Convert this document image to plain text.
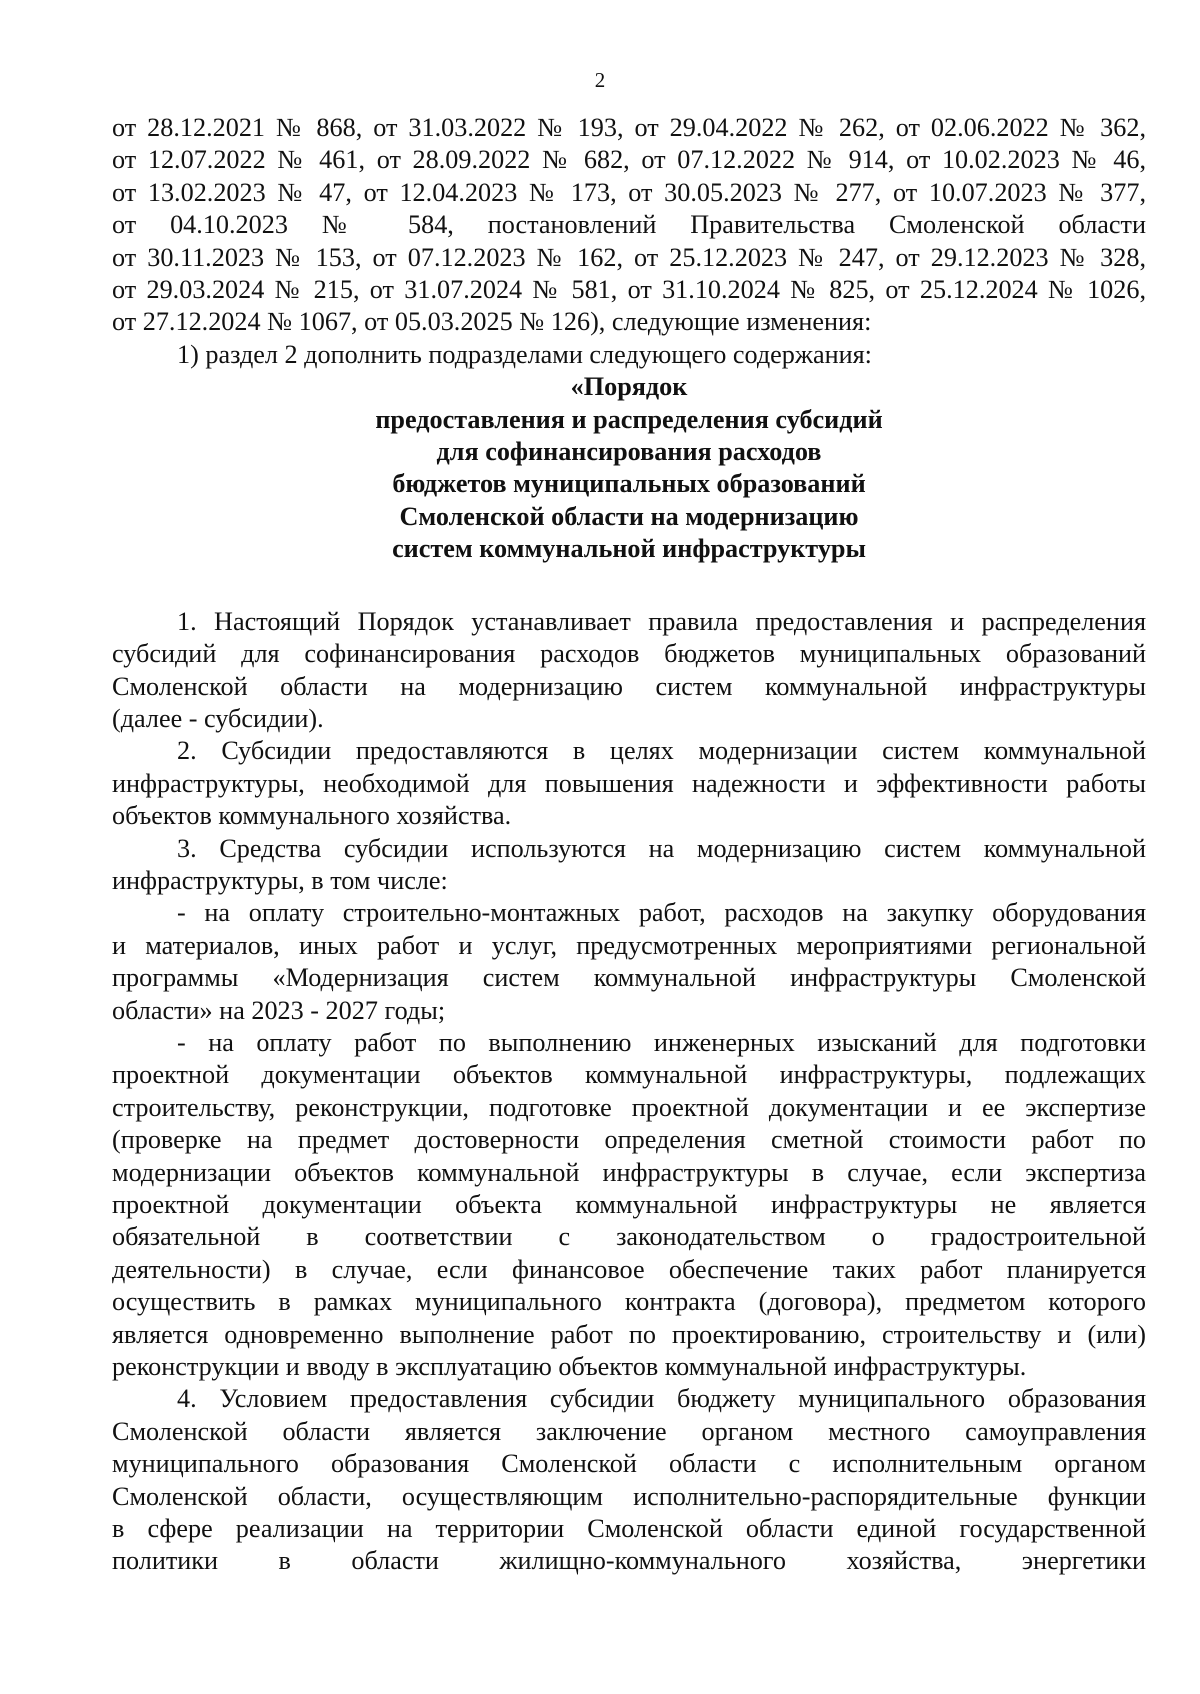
2
от 28.12.2021 № 868, от 31.03.2022 № 193, от 29.04.2022 № 262, от 02.06.2022 № 362,
от 12.07.2022 № 461, от 28.09.2022 № 682, от 07.12.2022 № 914, от 10.02.2023 № 46,
от 13.02.2023 № 47, от 12.04.2023 № 173, от 30.05.2023 № 277, от 10.07.2023 № 377,
от 04.10.2023 № 584, постановлений Правительства Смоленской области
от 30.11.2023 № 153, от 07.12.2023 № 162, от 25.12.2023 № 247, от 29.12.2023 № 328,
от 29.03.2024 № 215, от 31.07.2024 № 581, от 31.10.2024 № 825, от 25.12.2024 № 1026,
от 27.12.2024 № 1067, от 05.03.2025 № 126), следующие изменения:
1) раздел 2 дополнить подразделами следующего содержания:
«Порядок
предоставления и распределения субсидий
для софинансирования расходов
бюджетов муниципальных образований
Смоленской области на модернизацию
систем коммунальной инфраструктуры
1. Настоящий Порядок устанавливает правила предоставления и распределения
субсидий для софинансирования расходов бюджетов муниципальных образований
Смоленской области на модернизацию систем коммунальной инфраструктуры
(далее - субсидии).
2. Субсидии предоставляются в целях модернизации систем коммунальной
инфраструктуры, необходимой для повышения надежности и эффективности работы
объектов коммунального хозяйства.
3. Средства субсидии используются на модернизацию систем коммунальной
инфраструктуры, в том числе:
- на оплату строительно-монтажных работ, расходов на закупку оборудования
и материалов, иных работ и услуг, предусмотренных мероприятиями региональной
программы «Модернизация систем коммунальной инфраструктуры Смоленской
области» на 2023 - 2027 годы;
- на оплату работ по выполнению инженерных изысканий для подготовки
проектной документации объектов коммунальной инфраструктуры, подлежащих
строительству, реконструкции, подготовке проектной документации и ее экспертизе
(проверке на предмет достоверности определения сметной стоимости работ по
модернизации объектов коммунальной инфраструктуры в случае, если экспертиза
проектной документации объекта коммунальной инфраструктуры не является
обязательной в соответствии с законодательством о градостроительной
деятельности) в случае, если финансовое обеспечение таких работ планируется
осуществить в рамках муниципального контракта (договора), предметом которого
является одновременно выполнение работ по проектированию, строительству и (или)
реконструкции и вводу в эксплуатацию объектов коммунальной инфраструктуры.
4. Условием предоставления субсидии бюджету муниципального образования
Смоленской области является заключение органом местного самоуправления
муниципального образования Смоленской области с исполнительным органом
Смоленской области, осуществляющим исполнительно-распорядительные функции
в сфере реализации на территории Смоленской области единой государственной
политики в области жилищно-коммунального хозяйства, энергетики
